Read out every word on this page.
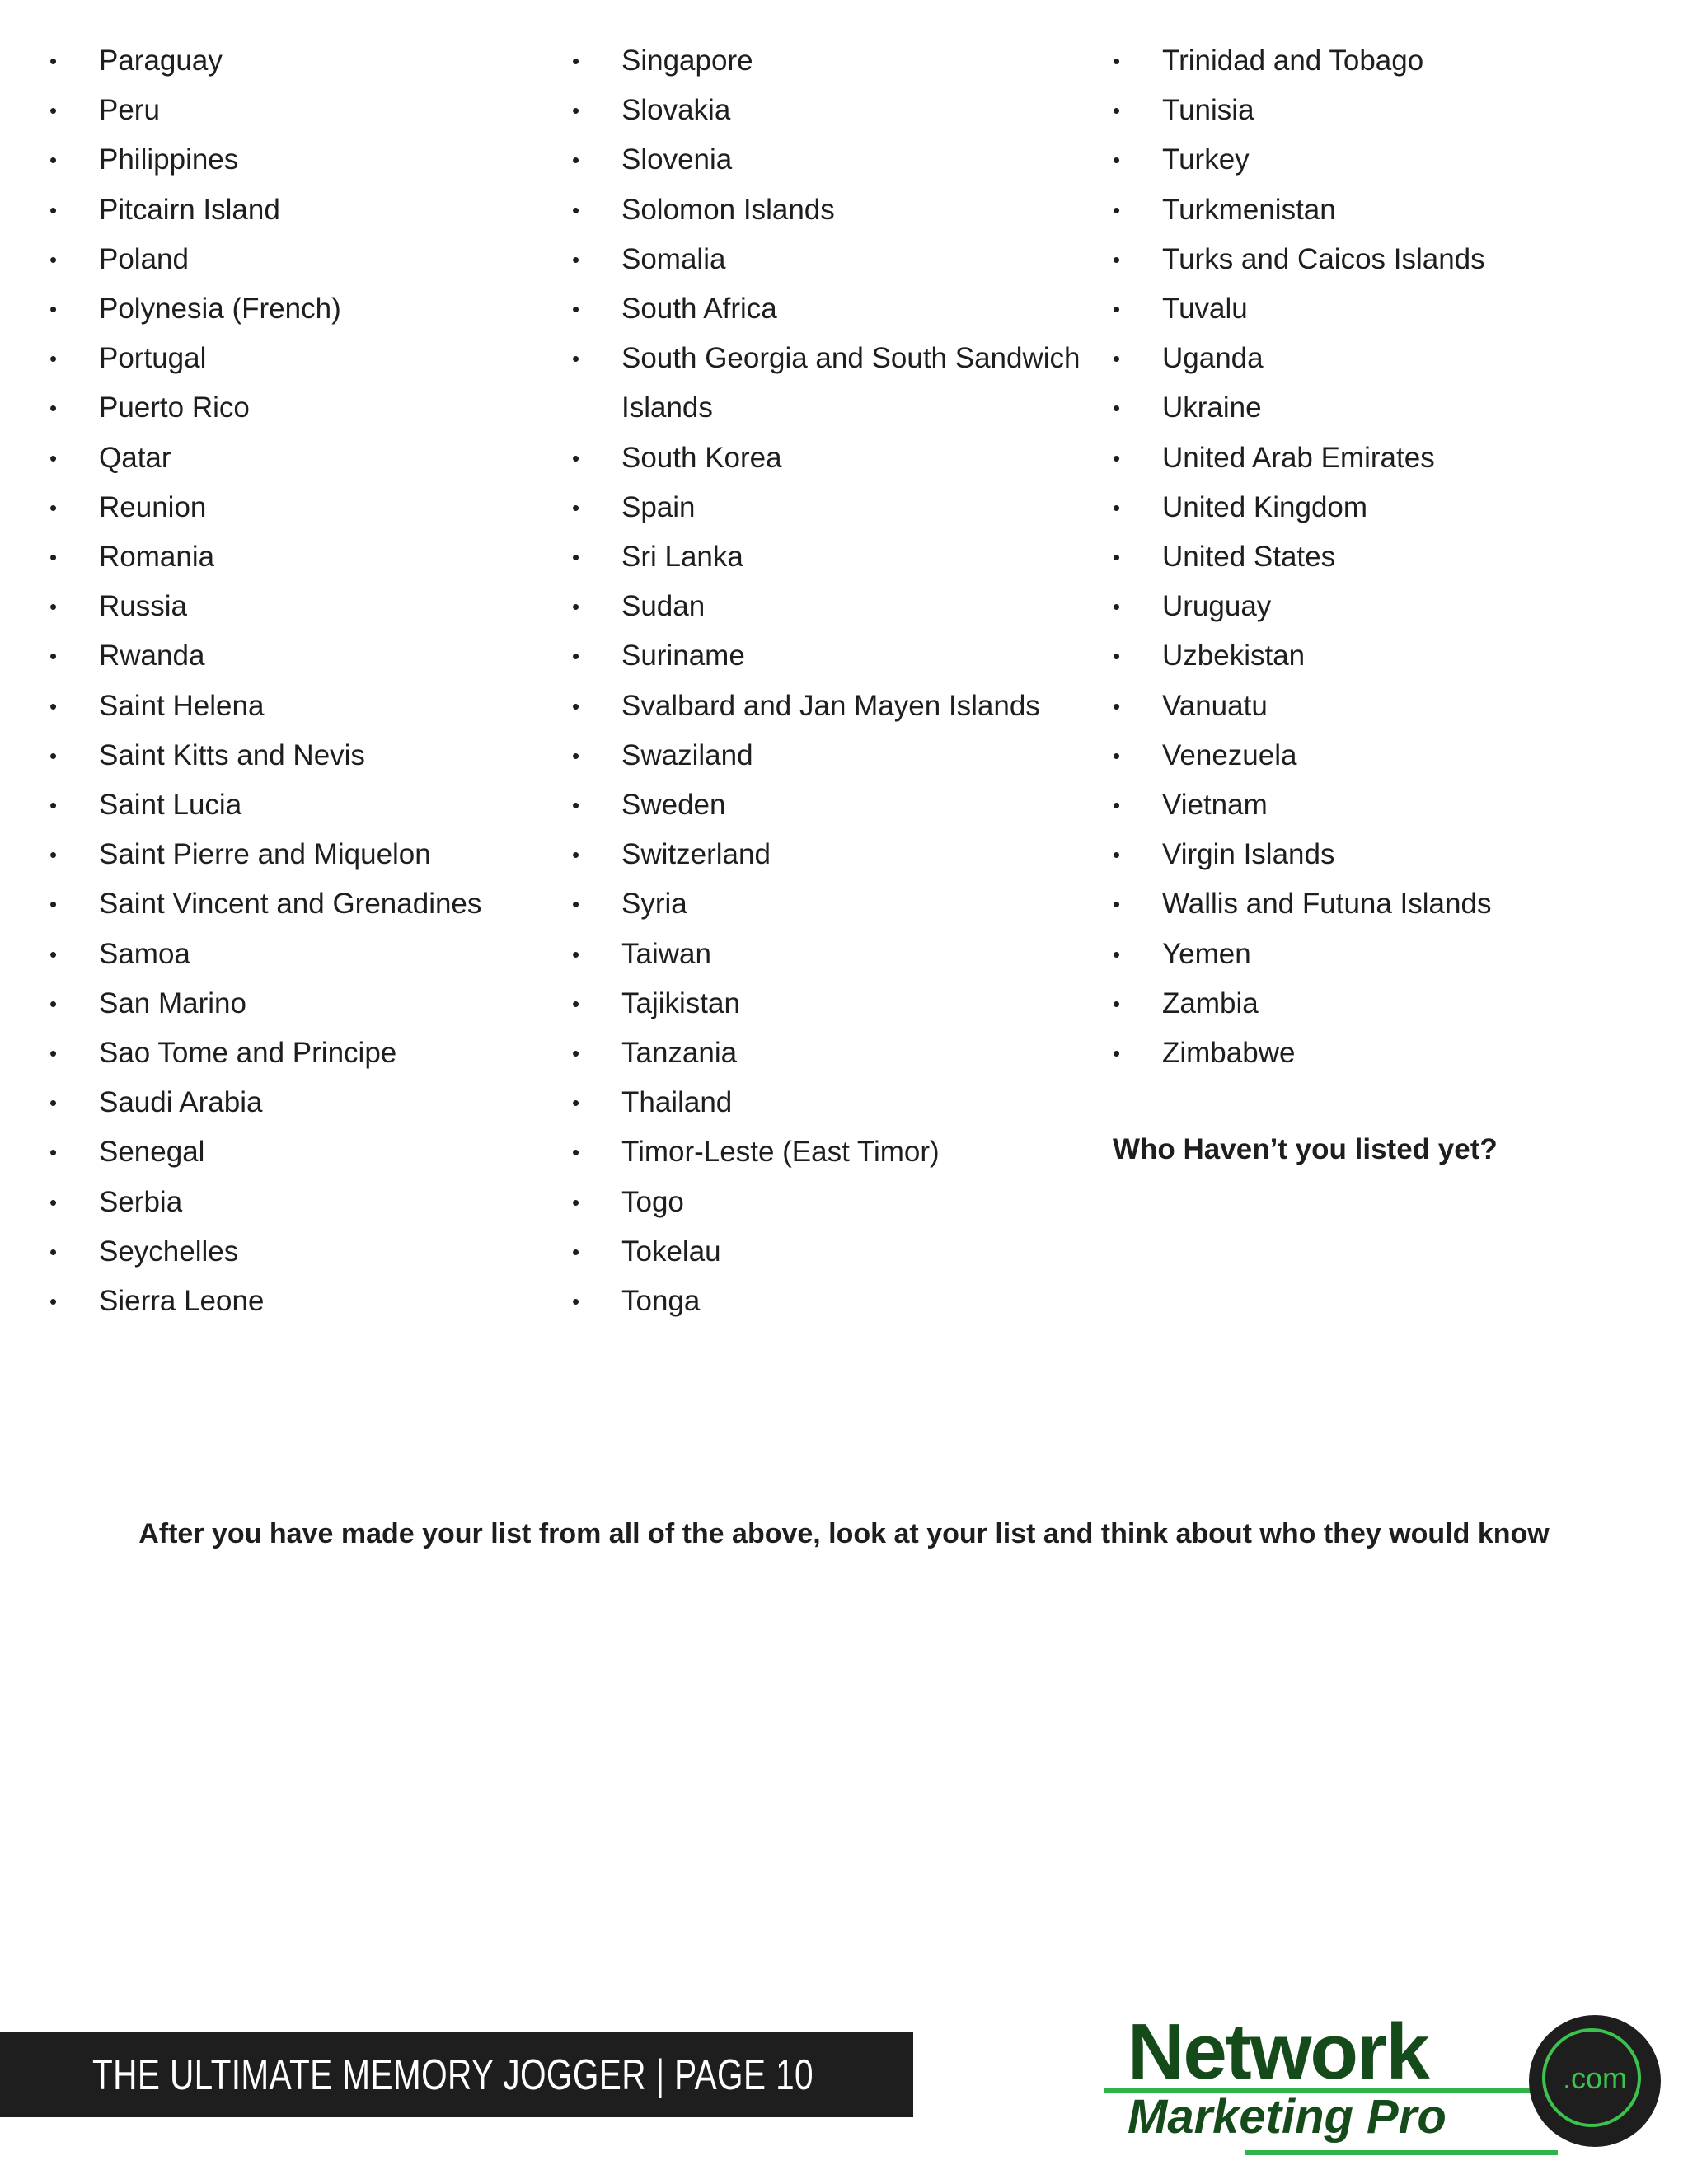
• Paraguay
• Peru
• Philippines
• Pitcairn Island
• Poland
• Polynesia (French)
• Portugal
• Puerto Rico
• Qatar
• Reunion
• Romania
• Russia
• Rwanda
• Saint Helena
• Saint Kitts and Nevis
• Saint Lucia
• Saint Pierre and Miquelon
• Saint Vincent and Grenadines
• Samoa
• San Marino
• Sao Tome and Principe
• Saudi Arabia
• Senegal
• Serbia
• Seychelles
• Sierra Leone
• Singapore
• Slovakia
• Slovenia
• Solomon Islands
• Somalia
• South Africa
• South Georgia and South Sandwich Islands
• South Korea
• Spain
• Sri Lanka
• Sudan
• Suriname
• Svalbard and Jan Mayen Islands
• Swaziland
• Sweden
• Switzerland
• Syria
• Taiwan
• Tajikistan
• Tanzania
• Thailand
• Timor-Leste (East Timor)
• Togo
• Tokelau
• Tonga
• Trinidad and Tobago
• Tunisia
• Turkey
• Turkmenistan
• Turks and Caicos Islands
• Tuvalu
• Uganda
• Ukraine
• United Arab Emirates
• United Kingdom
• United States
• Uruguay
• Uzbekistan
• Vanuatu
• Venezuela
• Vietnam
• Virgin Islands
• Wallis and Futuna Islands
• Yemen
• Zambia
• Zimbabwe
Who Haven’t you listed yet?
After you have made your list from all of the above, look at your list and think about who they would know
THE ULTIMATE MEMORY JOGGER | PAGE 10	Network
Marketing Pro
.com
